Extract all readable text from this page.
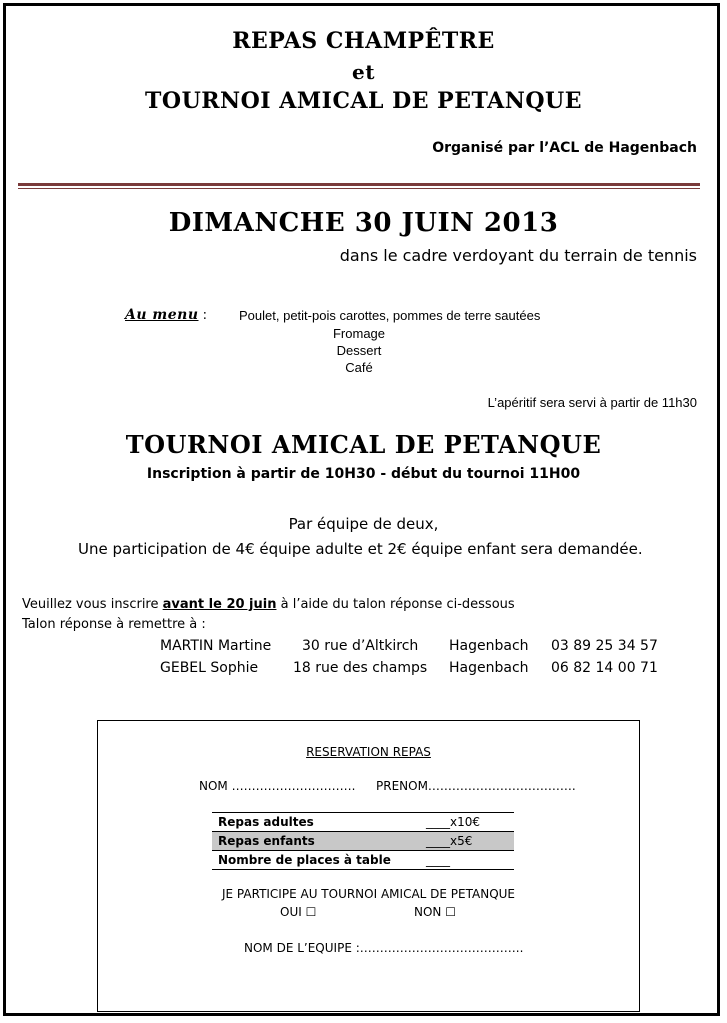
REPAS CHAMPÊTRE
et
TOURNOI AMICAL DE PETANQUE
Organisé par l’ACL de Hagenbach
DIMANCHE 30 JUIN 2013
dans le cadre verdoyant du terrain de tennis
Au menu : Poulet, petit-pois carottes, pommes de terre sautées
Fromage
Dessert
Café
L’apéritif sera servi à partir de 11h30
TOURNOI AMICAL DE PETANQUE
Inscription à partir de 10H30 - début du tournoi 11H00
Par équipe de deux,
Une participation de 4€ équipe adulte et 2€ équipe enfant sera demandée.
Veuillez vous inscrire avant le 20 juin à l’aide du talon réponse ci-dessous
Talon réponse à remettre à :
MARTIN Martine 30 rue d’Altkirch Hagenbach 03 89 25 34 57
GEBEL Sophie 18 rue des champs Hagenbach 06 82 14 00 71
RESERVATION REPAS
NOM …………………………. PRENOM……………………………….
Repas adultes	____x10€
Repas enfants	____x5€
Nombre de places à table	____
JE PARTICIPE AU TOURNOI AMICAL DE PETANQUE
OUI ☐	NON ☐
NOM DE L’EQUIPE :…………………………………..
